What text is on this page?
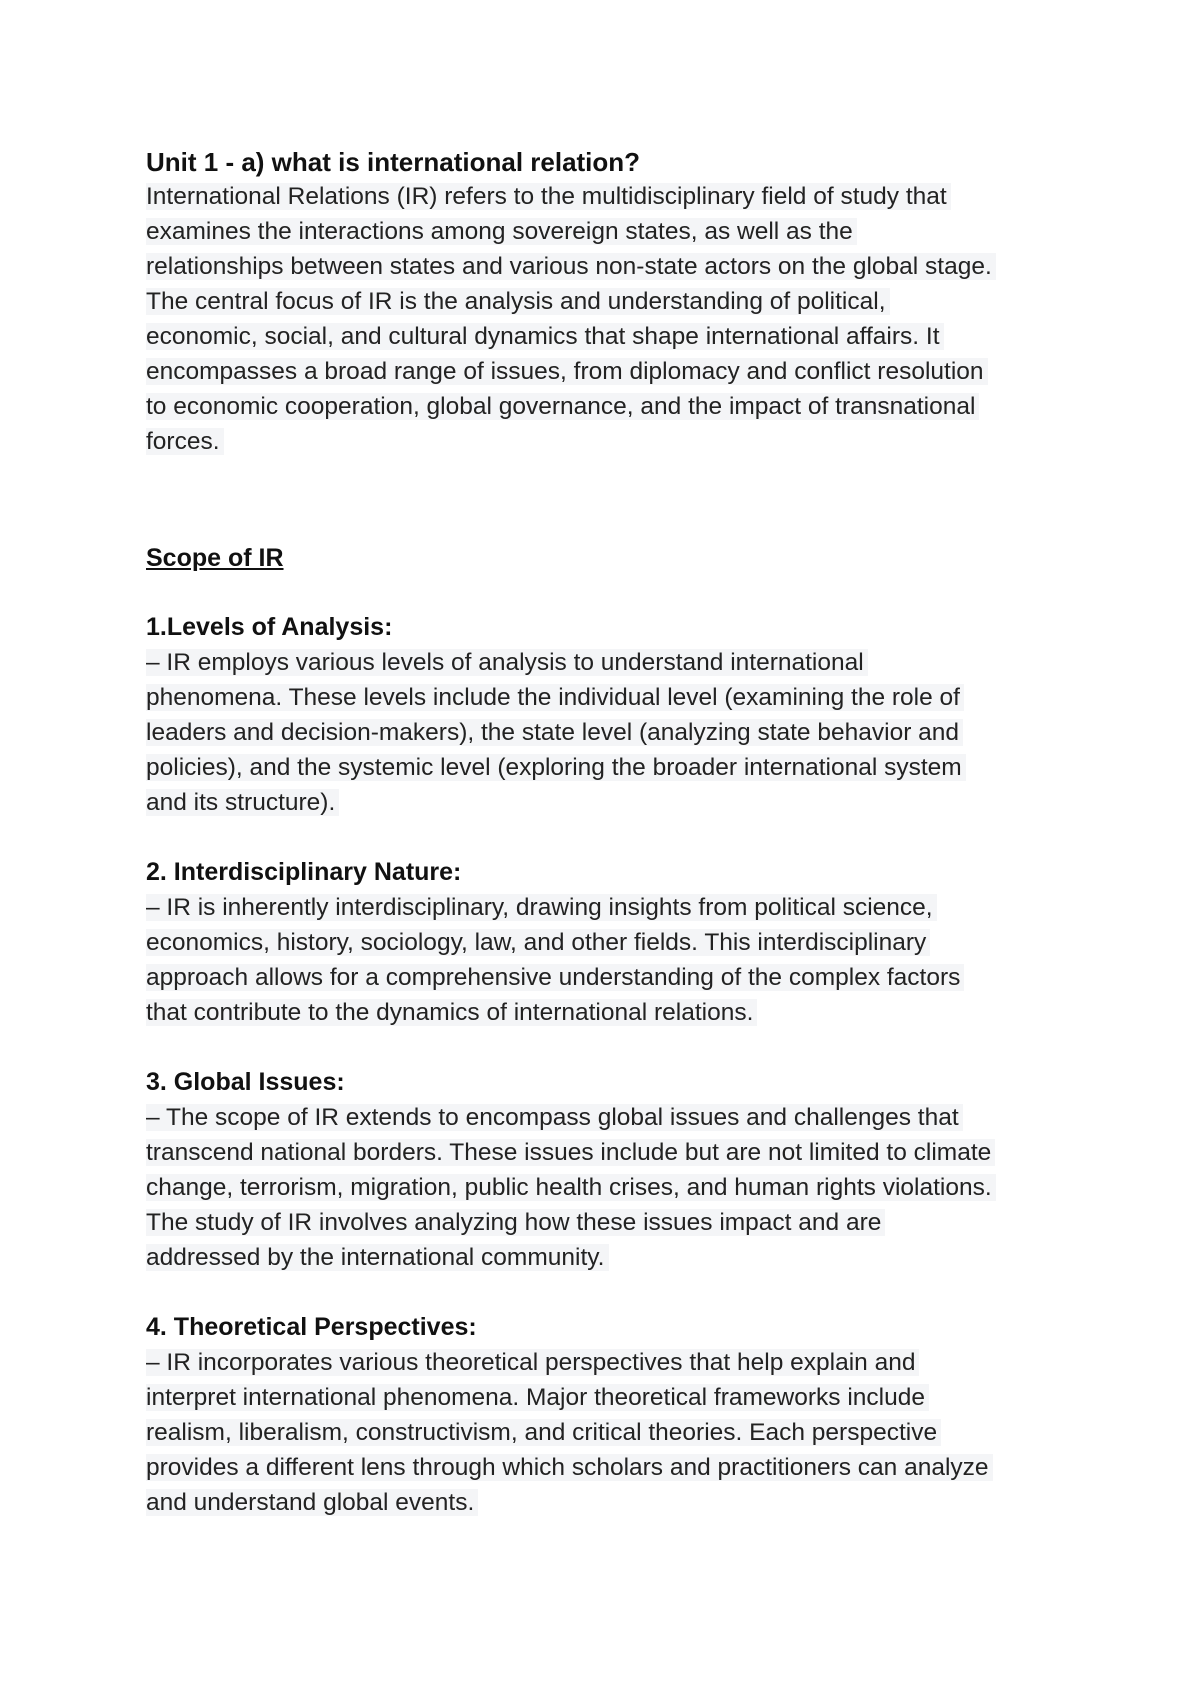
Unit 1 - a) what is international relation?
International Relations (IR) refers to the multidisciplinary field of study that
examines the interactions among sovereign states, as well as the
relationships between states and various non-state actors on the global stage.
The central focus of IR is the analysis and understanding of political,
economic, social, and cultural dynamics that shape international affairs. It
encompasses a broad range of issues, from diplomacy and conflict resolution
to economic cooperation, global governance, and the impact of transnational
forces.
Scope of IR
1.Levels of Analysis:
– IR employs various levels of analysis to understand international
phenomena. These levels include the individual level (examining the role of
leaders and decision-makers), the state level (analyzing state behavior and
policies), and the systemic level (exploring the broader international system
and its structure).
2. Interdisciplinary Nature:
– IR is inherently interdisciplinary, drawing insights from political science,
economics, history, sociology, law, and other fields. This interdisciplinary
approach allows for a comprehensive understanding of the complex factors
that contribute to the dynamics of international relations.
3. Global Issues:
– The scope of IR extends to encompass global issues and challenges that
transcend national borders. These issues include but are not limited to climate
change, terrorism, migration, public health crises, and human rights violations.
The study of IR involves analyzing how these issues impact and are
addressed by the international community.
4. Theoretical Perspectives:
– IR incorporates various theoretical perspectives that help explain and
interpret international phenomena. Major theoretical frameworks include
realism, liberalism, constructivism, and critical theories. Each perspective
provides a different lens through which scholars and practitioners can analyze
and understand global events.
